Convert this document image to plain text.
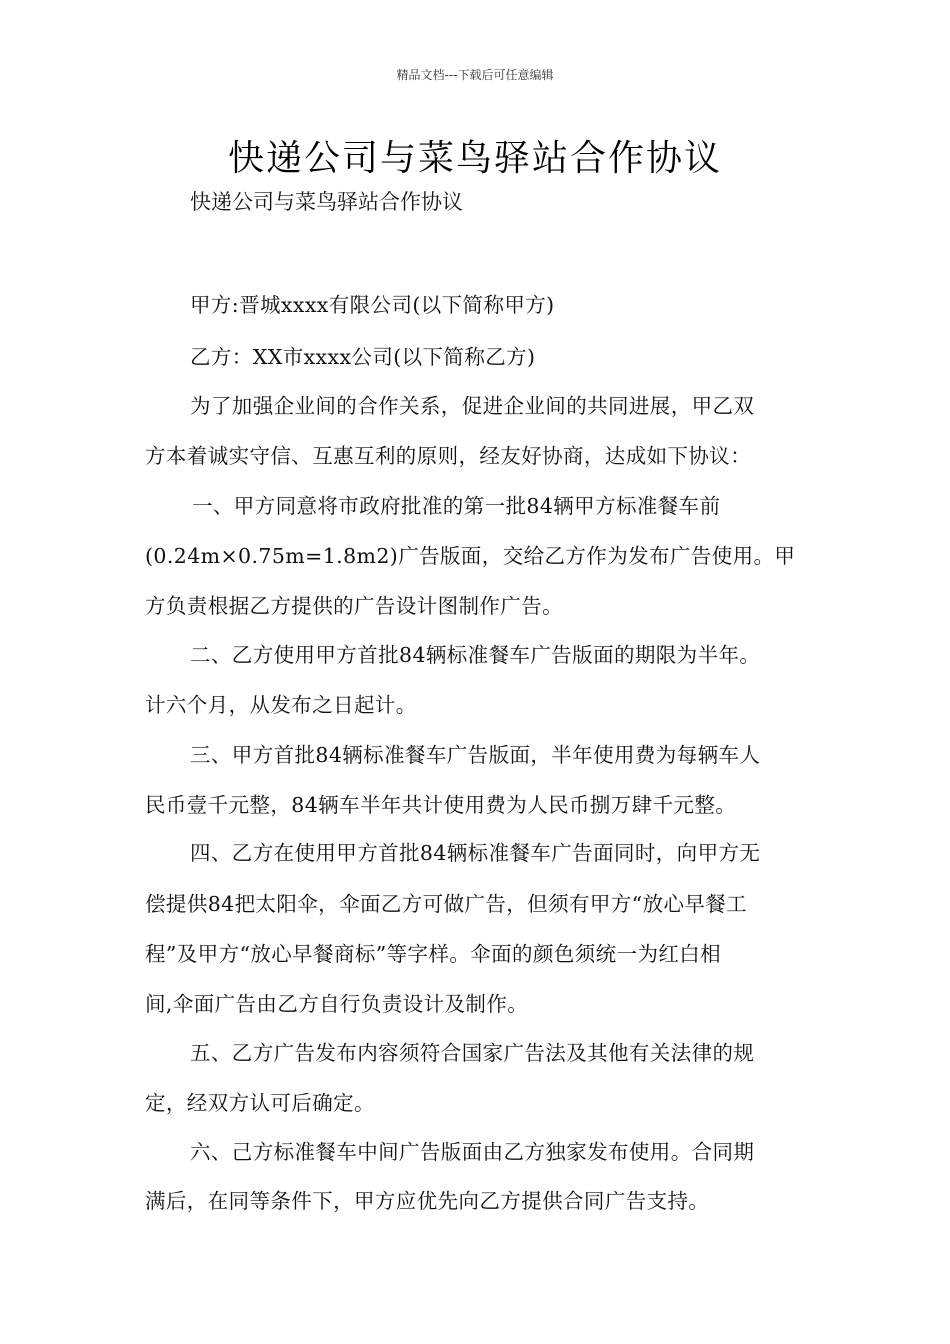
精品文档---下载后可任意编辑
快递公司与菜鸟驿站合作协议
快递公司与菜鸟驿站合作协议
甲方:晋城xxxx有限公司(以下简称甲方)
乙方：XX市xxxx公司(以下简称乙方)
为了加强企业间的合作关系，促进企业间的共同进展，甲乙双
方本着诚实守信、互惠互利的原则，经友好协商，达成如下协议：
一、甲方同意将市政府批准的第一批84辆甲方标准餐车前
(0.24m×0.75m=1.8m2)广告版面，交给乙方作为发布广告使用。甲
方负责根据乙方提供的广告设计图制作广告。
二、乙方使用甲方首批84辆标准餐车广告版面的期限为半年。
计六个月，从发布之日起计。
三、甲方首批84辆标准餐车广告版面，半年使用费为每辆车人
民币壹千元整，84辆车半年共计使用费为人民币捌万肆千元整。
四、乙方在使用甲方首批84辆标准餐车广告面同时，向甲方无
偿提供84把太阳伞，伞面乙方可做广告，但须有甲方“放心早餐工
程”及甲方“放心早餐商标”等字样。伞面的颜色须统一为红白相
间,伞面广告由乙方自行负责设计及制作。
五、乙方广告发布内容须符合国家广告法及其他有关法律的规
定，经双方认可后确定。
六、己方标准餐车中间广告版面由乙方独家发布使用。合同期
满后，在同等条件下，甲方应优先向乙方提供合同广告支持。
